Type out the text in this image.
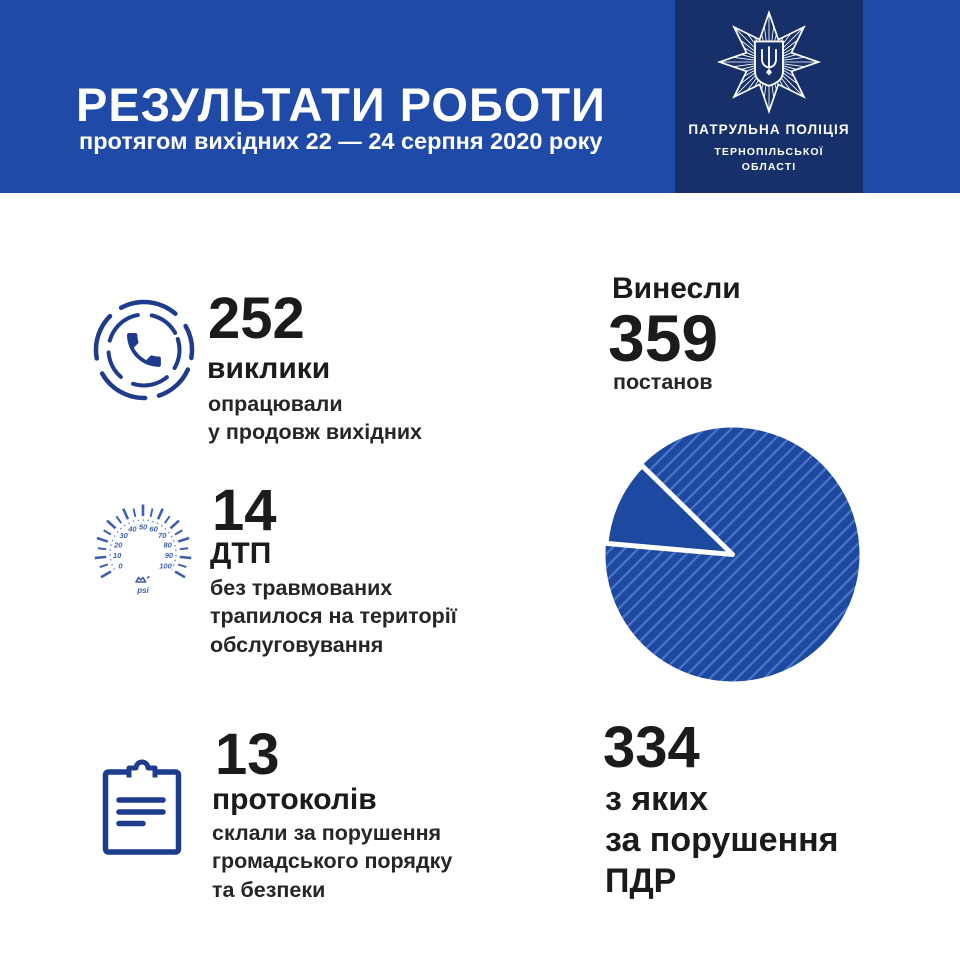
РЕЗУЛЬТАТИ РОБОТИ

протягом вихідних 22 — 24 серпня 2020 року	ПАТРУЛЬНА ПОЛІЦІЯ
ТЕРНОПІЛЬСЬКОЇ
ОБЛАСТІ
252
виклики
опрацювали
у продовж вихідних
0
10
20
30
40 50 60
70
80
90
100
psi
14
ДТП
без травмованих
трапилося на території
обслуговування
13
протоколів
склали за порушення
громадського порядку
та безпеки
Винесли
359
постанов
334
з яких
за порушення
ПДР
